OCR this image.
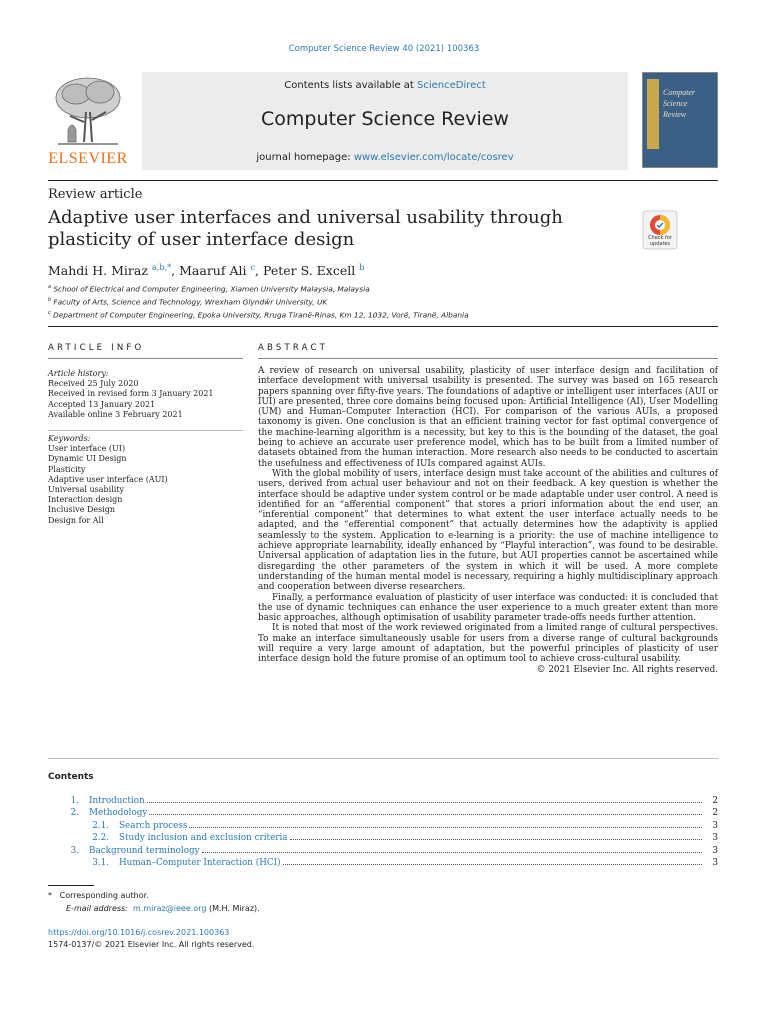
Computer Science Review 40 (2021) 100363
ELSEVIER
Contents lists available at ScienceDirect
Computer Science Review
journal homepage: www.elsevier.com/locate/cosrev
Computer
Science
Review
Review article
Adaptive user interfaces and universal usability through plasticity of user interface design	Check for updates
Mahdi H. Miraz $^{a,b,*}$, Maaruf Ali $^c$, Peter S. Excell $^b$
$^a$ School of Electrical and Computer Engineering, Xiamen University Malaysia, Malaysia
$^b$ Faculty of Arts, Science and Technology, Wrexham Glyndŵr University, UK
$^c$ Department of Computer Engineering, Epoka University, Rruga Tiranë-Rinas, Km 12, 1032, Vorë, Tiranë, Albania
ARTICLE INFO
Article history:
Received 25 July 2020
Received in revised form 3 January 2021
Accepted 13 January 2021
Available online 3 February 2021
Keywords:
User interface (UI)
Dynamic UI Design
Plasticity
Adaptive user interface (AUI)
Universal usability
Interaction design
Inclusive Design
Design for All
ABSTRACT

A review of research on universal usability, plasticity of user interface design and facilitation of interface development with universal usability is presented. The survey was based on 165 research papers spanning over fifty-five years. The foundations of adaptive or intelligent user interfaces (AUI or IUI) are presented, three core domains being focused upon: Artificial Intelligence (AI), User Modelling (UM) and Human–Computer Interaction (HCI). For comparison of the various AUIs, a proposed taxonomy is given. One conclusion is that an efficient training vector for fast optimal convergence of the machine-learning algorithm is a necessity, but key to this is the bounding of the dataset, the goal being to achieve an accurate user preference model, which has to be built from a limited number of datasets obtained from the human interaction. More research also needs to be conducted to ascertain the usefulness and effectiveness of IUIs compared against AUIs.

With the global mobility of users, interface design must take account of the abilities and cultures of users, derived from actual user behaviour and not on their feedback. A key question is whether the interface should be adaptive under system control or be made adaptable under user control. A need is identified for an “afferential component” that stores a priori information about the end user, an “inferential component” that determines to what extent the user interface actually needs to be adapted, and the “efferential component” that actually determines how the adaptivity is applied seamlessly to the system. Application to e-learning is a priority: the use of machine intelligence to achieve appropriate learnability, ideally enhanced by “Playful interaction”, was found to be desirable. Universal application of adaptation lies in the future, but AUI properties cannot be ascertained while disregarding the other parameters of the system in which it will be used. A more complete understanding of the human mental model is necessary, requiring a highly multidisciplinary approach and cooperation between diverse researchers.

Finally, a performance evaluation of plasticity of user interface was conducted: it is concluded that the use of dynamic techniques can enhance the user experience to a much greater extent than more basic approaches, although optimisation of usability parameter trade-offs needs further attention.

It is noted that most of the work reviewed originated from a limited range of cultural perspectives. To make an interface simultaneously usable for users from a diverse range of cultural backgrounds will require a very large amount of adaptation, but the powerful principles of plasticity of user interface design hold the future promise of an optimum tool to achieve cross-cultural usability.

© 2021 Elsevier Inc. All rights reserved.

Contents
1.	Introduction	2
2.	Methodology	2
2.1.	Search process	3
2.2.	Study inclusion and exclusion criteria	3
3.	Background terminology	3
3.1.	Human–Computer Interaction (HCI)	3
* Corresponding author.
E-mail address: m.miraz@ieee.org (M.H. Miraz).
https://doi.org/10.1016/j.cosrev.2021.100363
1574-0137/© 2021 Elsevier Inc. All rights reserved.
